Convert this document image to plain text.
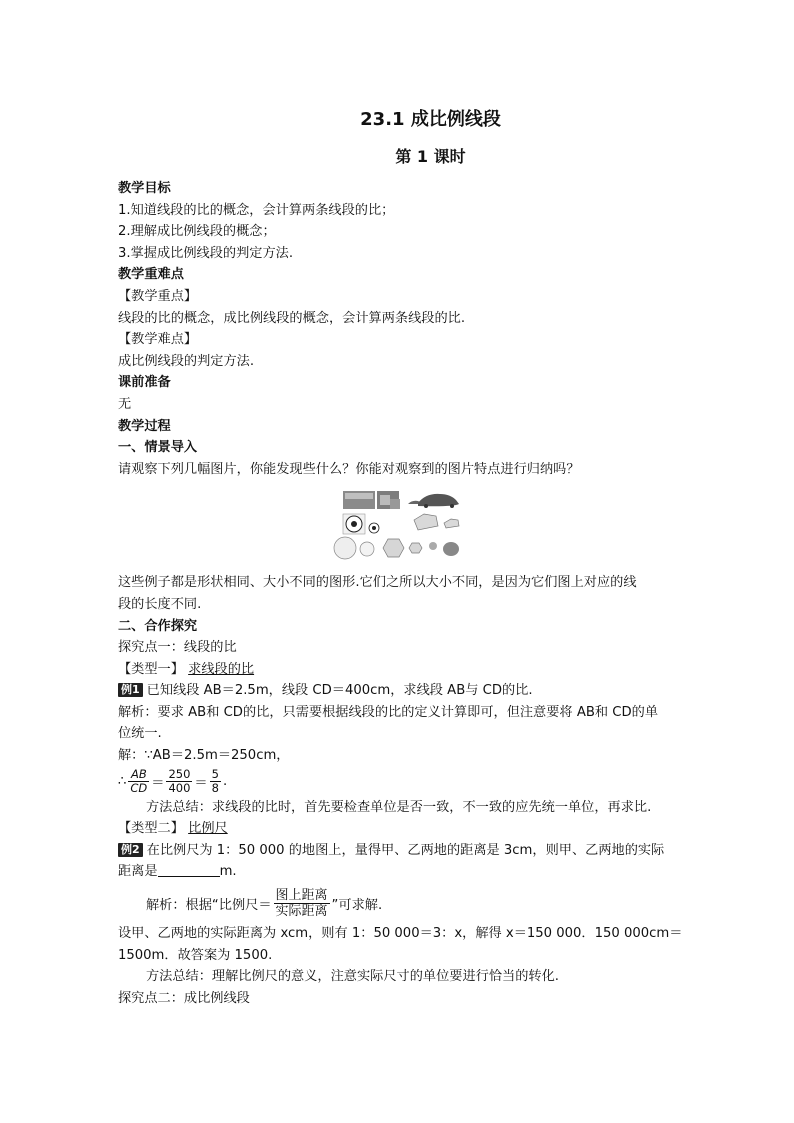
23.1 成比例线段
第 1 课时
教学目标
1.知道线段的比的概念，会计算两条线段的比；
2.理解成比例线段的概念；
3.掌握成比例线段的判定方法.
教学重难点
【教学重点】
线段的比的概念，成比例线段的概念，会计算两条线段的比.
【教学难点】
成比例线段的判定方法.
课前准备
无
教学过程
一、情景导入
请观察下列几幅图片，你能发现些什么？你能对观察到的图片特点进行归纳吗？
这些例子都是形状相同、大小不同的图形.它们之所以大小不同，是因为它们图上对应的线
段的长度不同.
二、合作探究
探究点一：线段的比
【类型一】 求线段的比
例1 已知线段 AB＝2.5m，线段 CD＝400cm，求线段 AB与 CD的比.
解析：要求 AB和 CD的比，只需要根据线段的比的定义计算即可，但注意要将 AB和 CD的单
位统一.
解：∵AB＝2.5m＝250cm，
∴ $\frac{AB}{CD} = \frac{250}{400} = \frac{5}{8}$ .
方法总结：求线段的比时，首先要检查单位是否一致，不一致的应先统一单位，再求比.
【类型二】 比例尺
例2 在比例尺为 1：50 000 的地图上，量得甲、乙两地的距离是 3cm，则甲、乙两地的实际
距离是	m.
解析：根据“比例尺＝ $\frac{\text{图上距离}}{\text{实际距离}}$ ”可求解.
设甲、乙两地的实际距离为 xcm，则有 1：50 000＝3：x，解得 x＝150 000．150 000cm＝
1500m．故答案为 1500.
方法总结：理解比例尺的意义，注意实际尺寸的单位要进行恰当的转化.
探究点二：成比例线段
